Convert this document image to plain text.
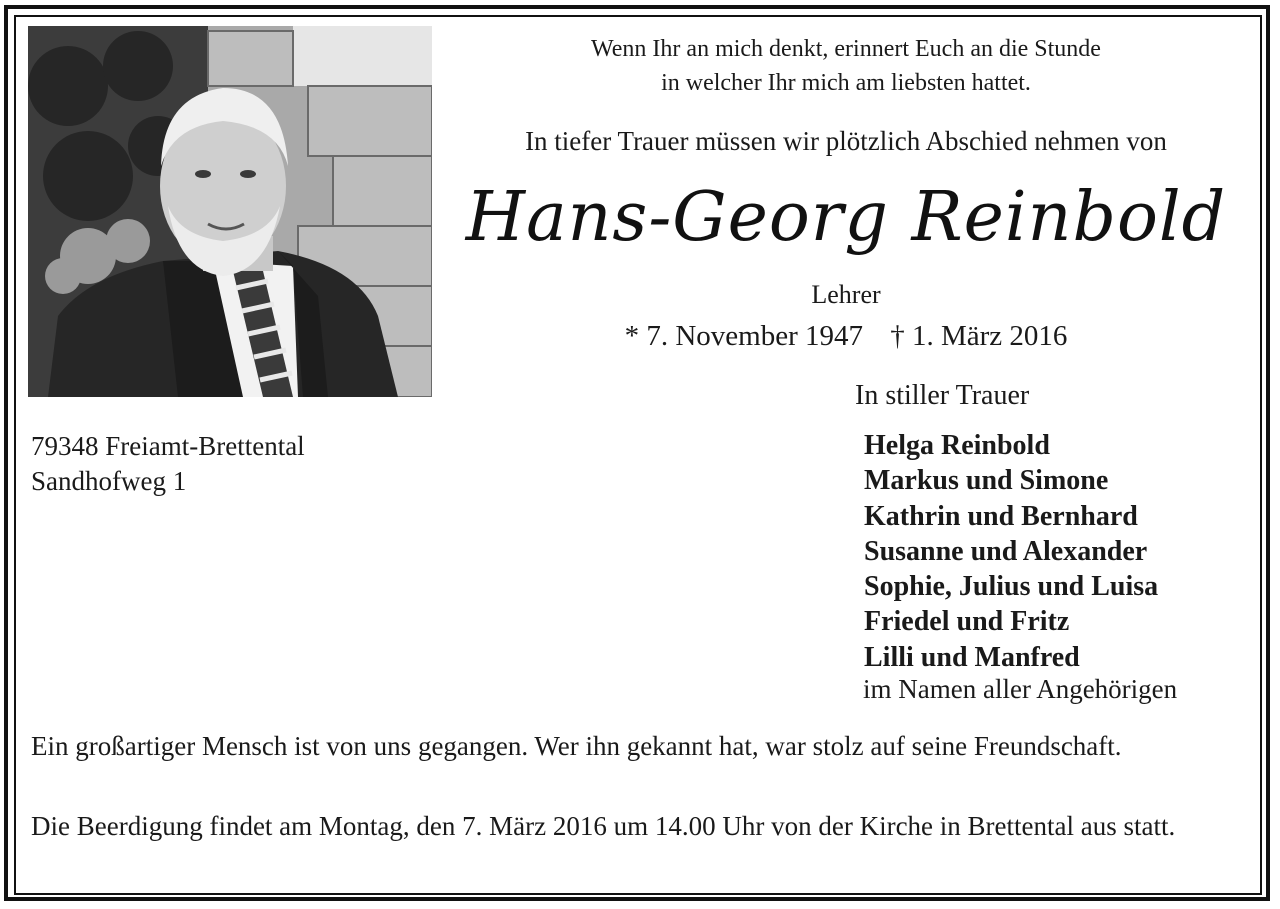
Wenn Ihr an mich denkt, erinnert Euch an die Stunde
in welcher Ihr mich am liebsten hattet.
In tiefer Trauer müssen wir plötzlich Abschied nehmen von
Hans-Georg Reinbold
Lehrer
* 7. November 1947 † 1. März 2016
In stiller Trauer
79348 Freiamt-Brettental
Sandhofweg 1
Helga Reinbold
Markus und Simone
Kathrin und Bernhard
Susanne und Alexander
Sophie, Julius und Luisa
Friedel und Fritz
Lilli und Manfred
im Namen aller Angehörigen
Ein großartiger Mensch ist von uns gegangen. Wer ihn gekannt hat, war stolz auf seine Freundschaft.
Die Beerdigung findet am Montag, den 7. März 2016 um 14.00 Uhr von der Kirche in Brettental aus statt.
